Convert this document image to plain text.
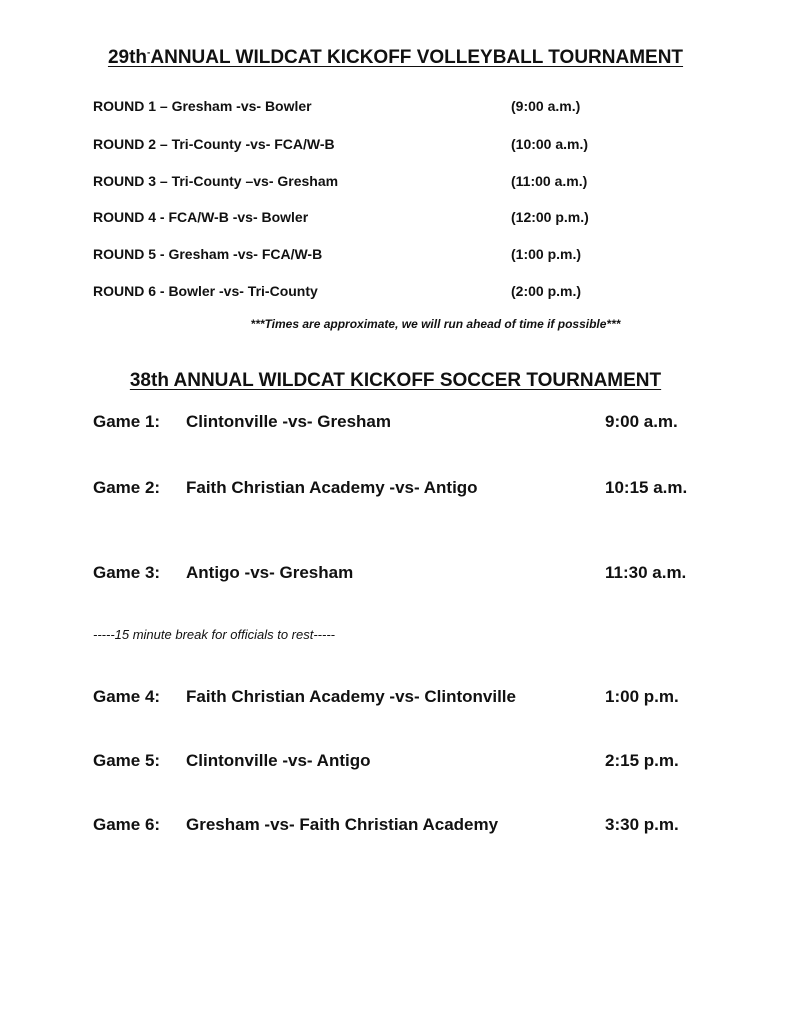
29th-ANNUAL WILDCAT KICKOFF VOLLEYBALL TOURNAMENT
ROUND 1 – Gresham -vs- Bowler	(9:00 a.m.)
ROUND 2 – Tri-County -vs- FCA/W-B	(10:00 a.m.)
ROUND 3 – Tri-County –vs- Gresham	(11:00 a.m.)
ROUND 4 - FCA/W-B -vs- Bowler	(12:00 p.m.)
ROUND 5 - Gresham -vs- FCA/W-B	(1:00 p.m.)
ROUND 6 - Bowler -vs- Tri-County	(2:00 p.m.)
***Times are approximate, we will run ahead of time if possible***
38th ANNUAL WILDCAT KICKOFF SOCCER TOURNAMENT
Game 1: Clintonville -vs- Gresham	9:00 a.m.
Game 2: Faith Christian Academy -vs- Antigo	10:15 a.m.
Game 3: Antigo -vs- Gresham	11:30 a.m.
-----15 minute break for officials to rest-----
Game 4: Faith Christian Academy -vs- Clintonville	1:00 p.m.
Game 5: Clintonville -vs- Antigo	2:15 p.m.
Game 6: Gresham -vs- Faith Christian Academy	3:30 p.m.
